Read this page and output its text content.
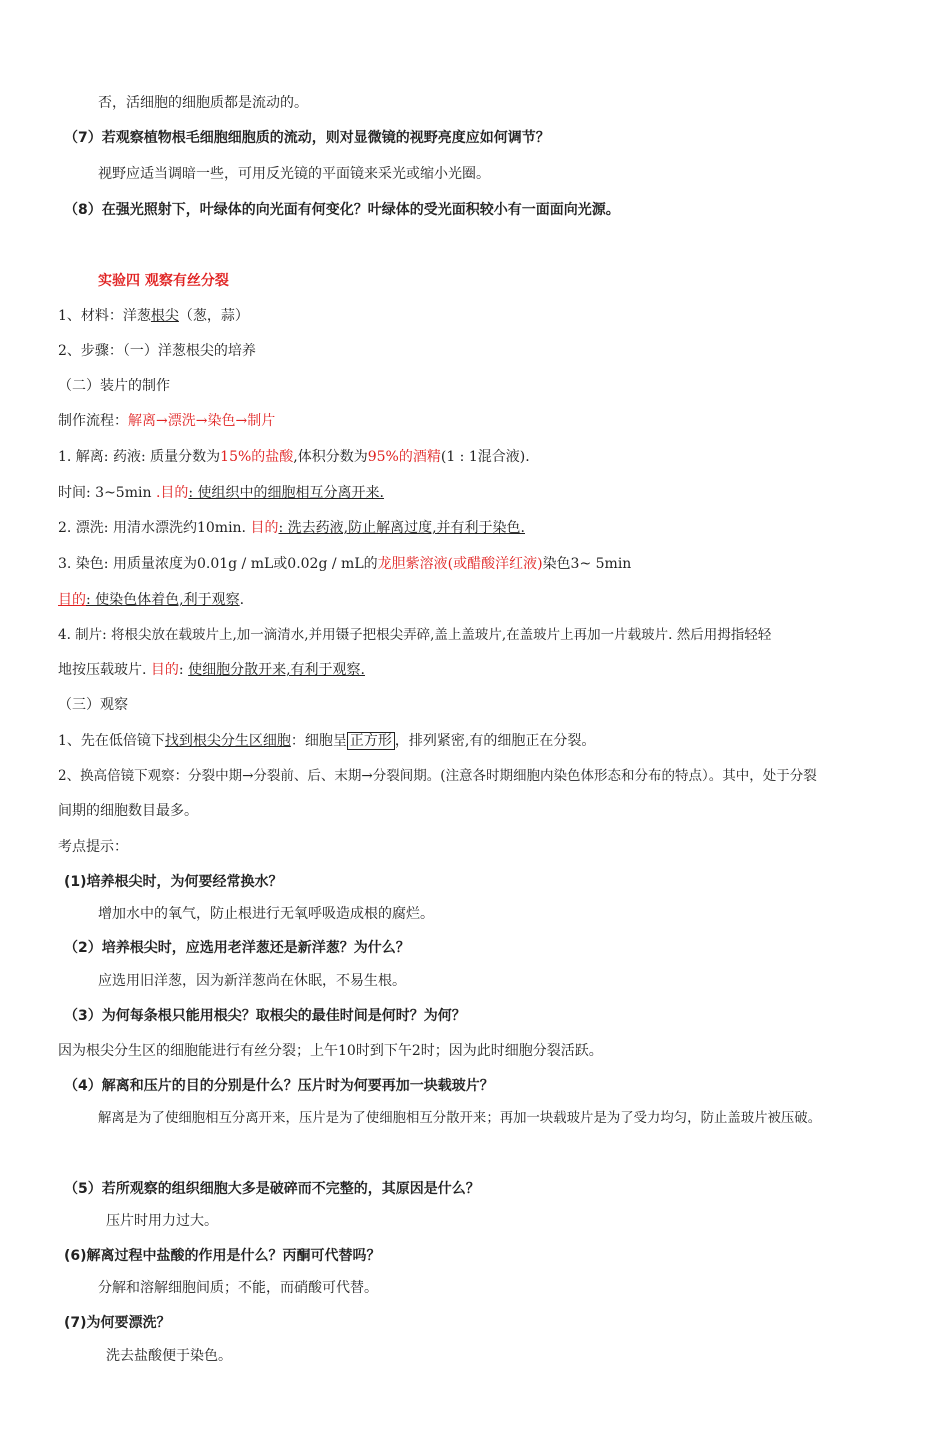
否，活细胞的细胞质都是流动的。
（7）若观察植物根毛细胞细胞质的流动，则对显微镜的视野亮度应如何调节？
视野应适当调暗一些，可用反光镜的平面镜来采光或缩小光圈。
（8）在强光照射下，叶绿体的向光面有何变化？叶绿体的受光面积较小有一面面向光源。
实验四 观察有丝分裂
1、材料：洋葱根尖（葱，蒜）
2、步骤：（一）洋葱根尖的培养
（二）装片的制作
制作流程：解离→漂洗→染色→制片
1. 解离: 药液: 质量分数为15%的盐酸,体积分数为95%的酒精(1 : 1混合液).
时间: 3~5min .目的: 使组织中的细胞相互分离开来.
2. 漂洗: 用清水漂洗约10min. 目的: 洗去药液,防止解离过度,并有利于染色.
3. 染色: 用质量浓度为0.01g / mL或0.02g / mL的龙胆紫溶液(或醋酸洋红液)染色3~ 5min
目的: 使染色体着色,利于观察.
4. 制片: 将根尖放在载玻片上,加一滴清水,并用镊子把根尖弄碎,盖上盖玻片,在盖玻片上再加一片载玻片. 然后用拇指轻轻
地按压载玻片. 目的: 使细胞分散开来,有利于观察.
（三）观察
1、先在低倍镜下找到根尖分生区细胞：细胞呈 正方形 ，排列紧密,有的细胞正在分裂。
2、换高倍镜下观察：分裂中期→分裂前、后、末期→分裂间期。(注意各时期细胞内染色体形态和分布的特点）。其中，处于分裂
间期的细胞数目最多。
考点提示：
(1)培养根尖时，为何要经常换水？
增加水中的氧气，防止根进行无氧呼吸造成根的腐烂。
（2）培养根尖时，应选用老洋葱还是新洋葱？为什么？
应选用旧洋葱，因为新洋葱尚在休眠，不易生根。
（3）为何每条根只能用根尖？取根尖的最佳时间是何时？为何？
因为根尖分生区的细胞能进行有丝分裂；上午10时到下午2时；因为此时细胞分裂活跃。
（4）解离和压片的目的分别是什么？压片时为何要再加一块载玻片？
解离是为了使细胞相互分离开来，压片是为了使细胞相互分散开来；再加一块载玻片是为了受力均匀，防止盖玻片被压破。
（5）若所观察的组织细胞大多是破碎而不完整的，其原因是什么？
压片时用力过大。
(6)解离过程中盐酸的作用是什么？丙酮可代替吗？
分解和溶解细胞间质；不能，而硝酸可代替。
(7)为何要漂洗？
洗去盐酸便于染色。
